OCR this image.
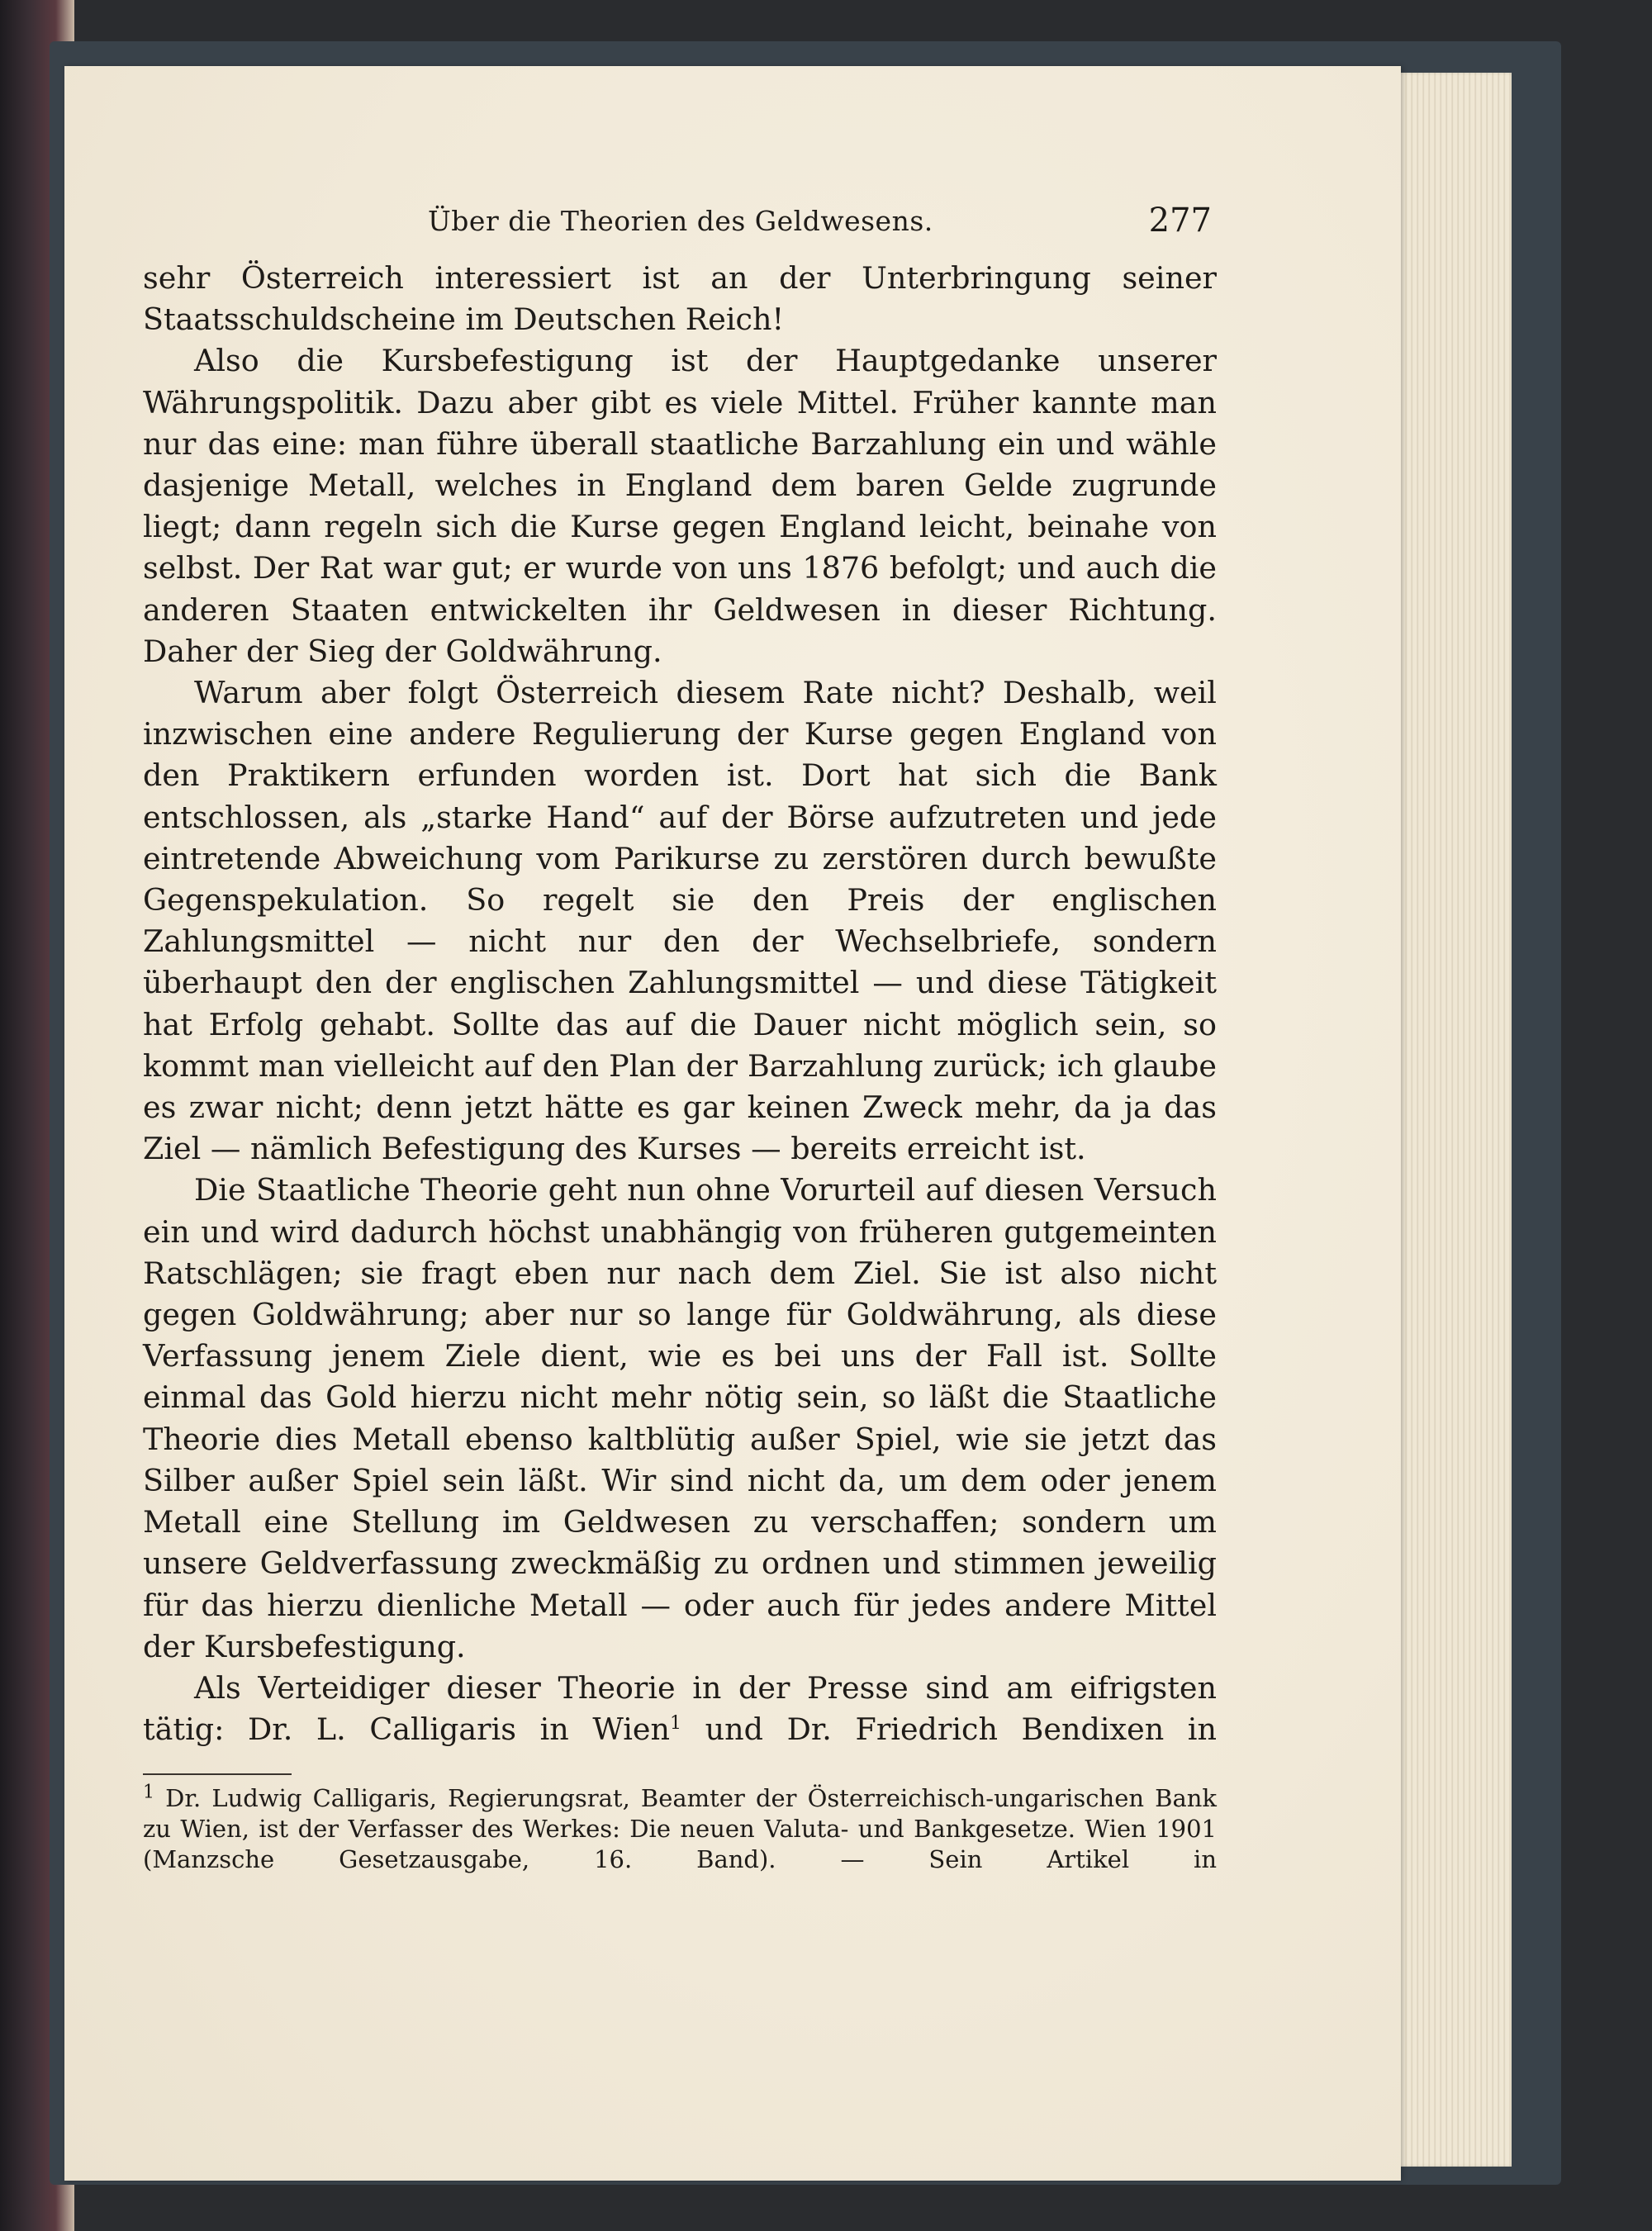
Über die Theorien des Geldwesens.	277

sehr Österreich interessiert ist an der Unterbringung seiner Staatsschuldscheine im Deutschen Reich!

Also die Kursbefestigung ist der Hauptgedanke unserer Währungspolitik. Dazu aber gibt es viele Mittel. Früher kannte man nur das eine: man führe überall staatliche Barzahlung ein und wähle dasjenige Metall, welches in England dem baren Gelde zugrunde liegt; dann regeln sich die Kurse gegen England leicht, beinahe von selbst. Der Rat war gut; er wurde von uns 1876 befolgt; und auch die anderen Staaten entwickelten ihr Geldwesen in dieser Richtung. Daher der Sieg der Goldwährung.

Warum aber folgt Österreich diesem Rate nicht? Deshalb, weil inzwischen eine andere Regulierung der Kurse gegen England von den Praktikern erfunden worden ist. Dort hat sich die Bank entschlossen, als „starke Hand“ auf der Börse aufzutreten und jede eintretende Abweichung vom Parikurse zu zerstören durch bewußte Gegenspekulation. So regelt sie den Preis der englischen Zahlungsmittel — nicht nur den der Wechselbriefe, sondern überhaupt den der englischen Zahlungsmittel — und diese Tätigkeit hat Erfolg gehabt. Sollte das auf die Dauer nicht möglich sein, so kommt man vielleicht auf den Plan der Barzahlung zurück; ich glaube es zwar nicht; denn jetzt hätte es gar keinen Zweck mehr, da ja das Ziel — nämlich Befestigung des Kurses — bereits erreicht ist.

Die Staatliche Theorie geht nun ohne Vorurteil auf diesen Versuch ein und wird dadurch höchst unabhängig von früheren gutgemeinten Ratschlägen; sie fragt eben nur nach dem Ziel. Sie ist also nicht gegen Goldwährung; aber nur so lange für Goldwährung, als diese Verfassung jenem Ziele dient, wie es bei uns der Fall ist. Sollte einmal das Gold hierzu nicht mehr nötig sein, so läßt die Staatliche Theorie dies Metall ebenso kaltblütig außer Spiel, wie sie jetzt das Silber außer Spiel sein läßt. Wir sind nicht da, um dem oder jenem Metall eine Stellung im Geldwesen zu verschaffen; sondern um unsere Geldverfassung zweckmäßig zu ordnen und stimmen jeweilig für das hierzu dienliche Metall — oder auch für jedes andere Mittel der Kursbefestigung.

Als Verteidiger dieser Theorie in der Presse sind am eifrigsten tätig: Dr. L. Calligaris in Wien$^1$ und Dr. Friedrich Bendixen in

$^1$ Dr. Ludwig Calligaris, Regierungsrat, Beamter der Österreichisch-ungarischen Bank zu Wien, ist der Verfasser des Werkes: Die neuen Valuta- und Bankgesetze. Wien 1901 (Manzsche Gesetzausgabe, 16. Band). — Sein Artikel in
